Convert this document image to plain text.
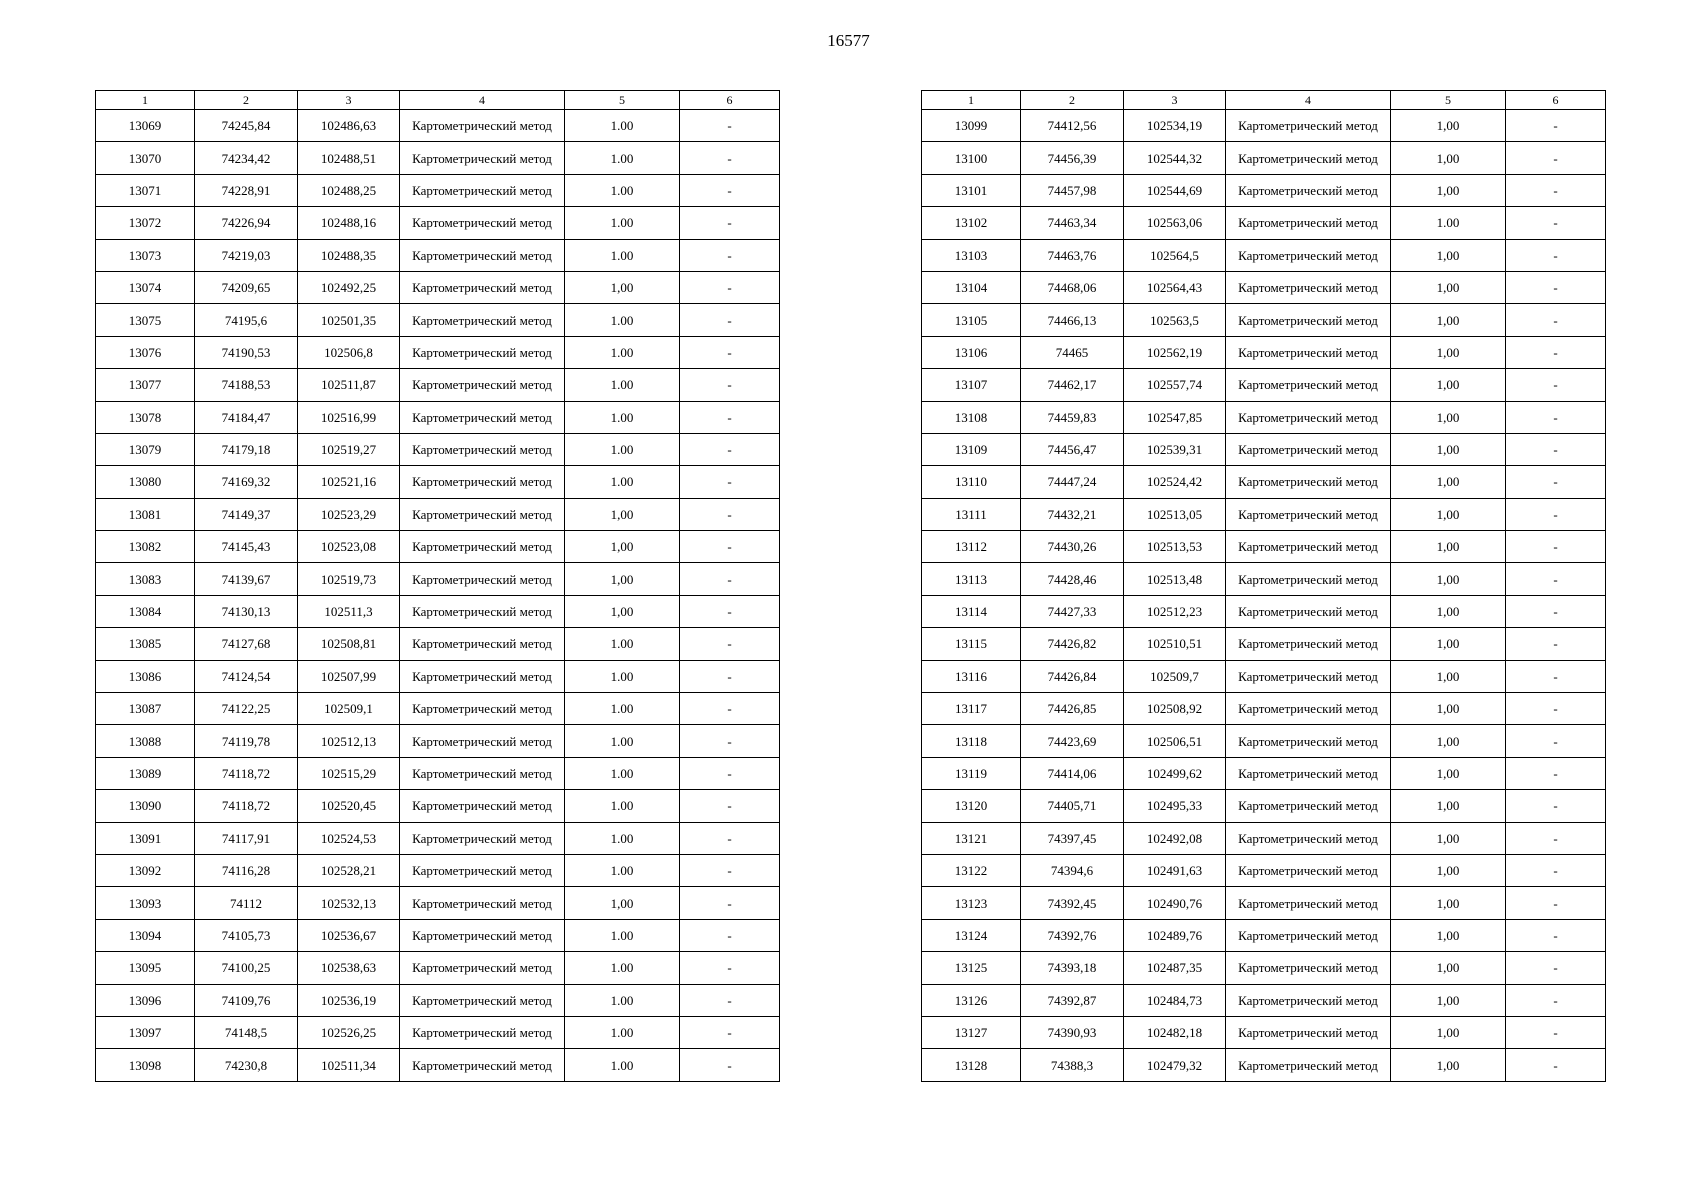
16577
1	2	3	4	5	6
13069	74245,84	102486,63	Картометрический метод	1.00	-
13070	74234,42	102488,51	Картометрический метод	1.00	-
13071	74228,91	102488,25	Картометрический метод	1.00	-
13072	74226,94	102488,16	Картометрический метод	1.00	-
13073	74219,03	102488,35	Картометрический метод	1.00	-
13074	74209,65	102492,25	Картометрический метод	1,00	-
13075	74195,6	102501,35	Картометрический метод	1.00	-
13076	74190,53	102506,8	Картометрический метод	1.00	-
13077	74188,53	102511,87	Картометрический метод	1.00	-
13078	74184,47	102516,99	Картометрический метод	1.00	-
13079	74179,18	102519,27	Картометрический метод	1.00	-
13080	74169,32	102521,16	Картометрический метод	1.00	-
13081	74149,37	102523,29	Картометрический метод	1,00	-
13082	74145,43	102523,08	Картометрический метод	1,00	-
13083	74139,67	102519,73	Картометрический метод	1,00	-
13084	74130,13	102511,3	Картометрический метод	1,00	-
13085	74127,68	102508,81	Картометрический метод	1.00	-
13086	74124,54	102507,99	Картометрический метод	1.00	-
13087	74122,25	102509,1	Картометрический метод	1.00	-
13088	74119,78	102512,13	Картометрический метод	1.00	-
13089	74118,72	102515,29	Картометрический метод	1.00	-
13090	74118,72	102520,45	Картометрический метод	1.00	-
13091	74117,91	102524,53	Картометрический метод	1.00	-
13092	74116,28	102528,21	Картометрический метод	1.00	-
13093	74112	102532,13	Картометрический метод	1,00	-
13094	74105,73	102536,67	Картометрический метод	1.00	-
13095	74100,25	102538,63	Картометрический метод	1.00	-
13096	74109,76	102536,19	Картометрический метод	1.00	-
13097	74148,5	102526,25	Картометрический метод	1.00	-
13098	74230,8	102511,34	Картометрический метод	1.00	-
1	2	3	4	5	6
13099	74412,56	102534,19	Картометрический метод	1,00	-
13100	74456,39	102544,32	Картометрический метод	1,00	-
13101	74457,98	102544,69	Картометрический метод	1,00	-
13102	74463,34	102563,06	Картометрический метод	1.00	-
13103	74463,76	102564,5	Картометрический метод	1,00	-
13104	74468,06	102564,43	Картометрический метод	1,00	-
13105	74466,13	102563,5	Картометрический метод	1,00	-
13106	74465	102562,19	Картометрический метод	1,00	-
13107	74462,17	102557,74	Картометрический метод	1,00	-
13108	74459,83	102547,85	Картометрический метод	1,00	-
13109	74456,47	102539,31	Картометрический метод	1,00	-
13110	74447,24	102524,42	Картометрический метод	1,00	-
13111	74432,21	102513,05	Картометрический метод	1,00	-
13112	74430,26	102513,53	Картометрический метод	1,00	-
13113	74428,46	102513,48	Картометрический метод	1,00	-
13114	74427,33	102512,23	Картометрический метод	1,00	-
13115	74426,82	102510,51	Картометрический метод	1,00	-
13116	74426,84	102509,7	Картометрический метод	1,00	-
13117	74426,85	102508,92	Картометрический метод	1,00	-
13118	74423,69	102506,51	Картометрический метод	1,00	-
13119	74414,06	102499,62	Картометрический метод	1,00	-
13120	74405,71	102495,33	Картометрический метод	1,00	-
13121	74397,45	102492,08	Картометрический метод	1,00	-
13122	74394,6	102491,63	Картометрический метод	1,00	-
13123	74392,45	102490,76	Картометрический метод	1,00	-
13124	74392,76	102489,76	Картометрический метод	1,00	-
13125	74393,18	102487,35	Картометрический метод	1,00	-
13126	74392,87	102484,73	Картометрический метод	1,00	-
13127	74390,93	102482,18	Картометрический метод	1,00	-
13128	74388,3	102479,32	Картометрический метод	1,00	-
